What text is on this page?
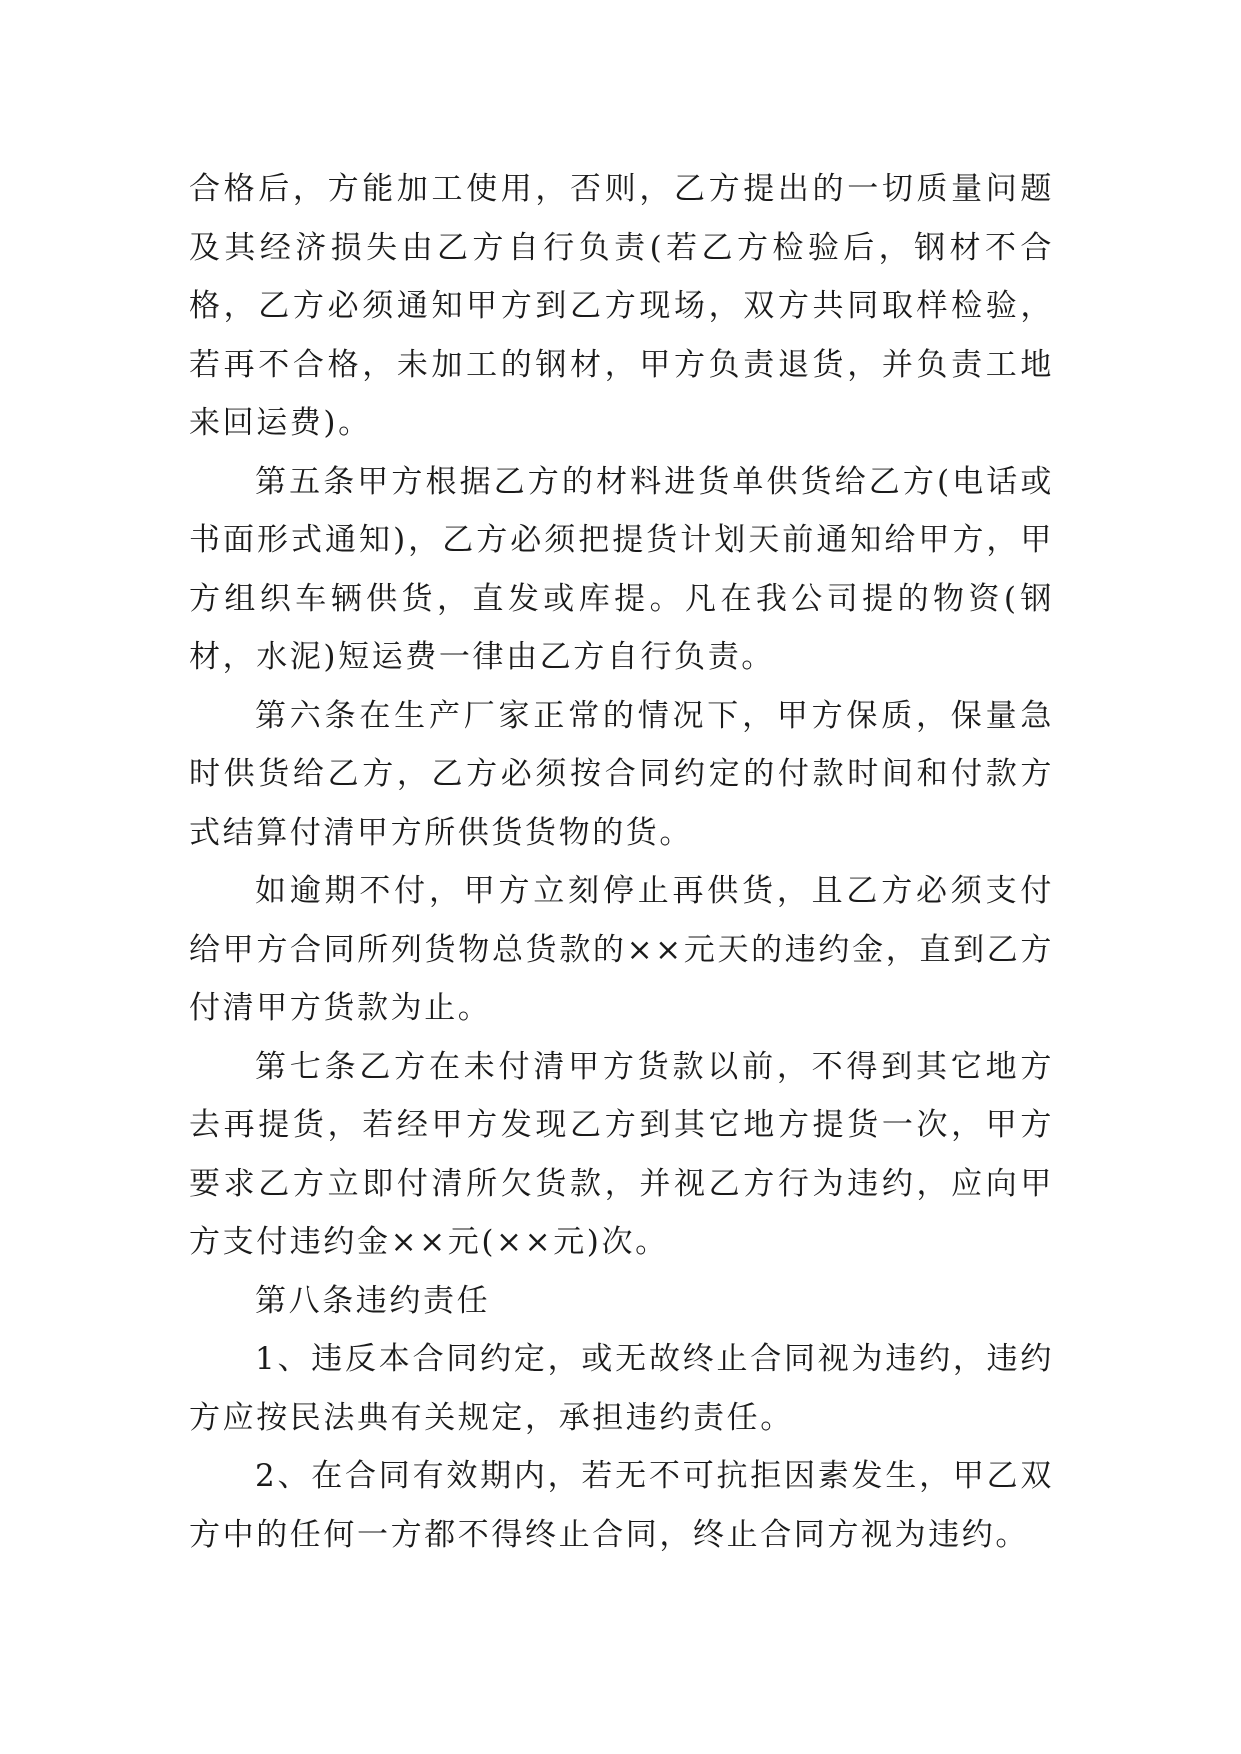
合格后，方能加工使用，否则，乙方提出的一切质量问题及其经济损失由乙方自行负责(若乙方检验后，钢材不合格，乙方必须通知甲方到乙方现场，双方共同取样检验，若再不合格，未加工的钢材，甲方负责退货，并负责工地来回运费)。

第五条甲方根据乙方的材料进货单供货给乙方(电话或书面形式通知)，乙方必须把提货计划天前通知给甲方，甲方组织车辆供货，直发或库提。凡在我公司提的物资(钢材，水泥)短运费一律由乙方自行负责。

第六条在生产厂家正常的情况下，甲方保质，保量急时供货给乙方，乙方必须按合同约定的付款时间和付款方式结算付清甲方所供货货物的货。

如逾期不付，甲方立刻停止再供货，且乙方必须支付给甲方合同所列货物总货款的××元天的违约金，直到乙方付清甲方货款为止。

第七条乙方在未付清甲方货款以前，不得到其它地方去再提货，若经甲方发现乙方到其它地方提货一次，甲方要求乙方立即付清所欠货款，并视乙方行为违约，应向甲方支付违约金××元(××元)次。

第八条违约责任

1、违反本合同约定，或无故终止合同视为违约，违约方应按民法典有关规定，承担违约责任。

2、在合同有效期内，若无不可抗拒因素发生，甲乙双方中的任何一方都不得终止合同，终止合同方视为违约。
